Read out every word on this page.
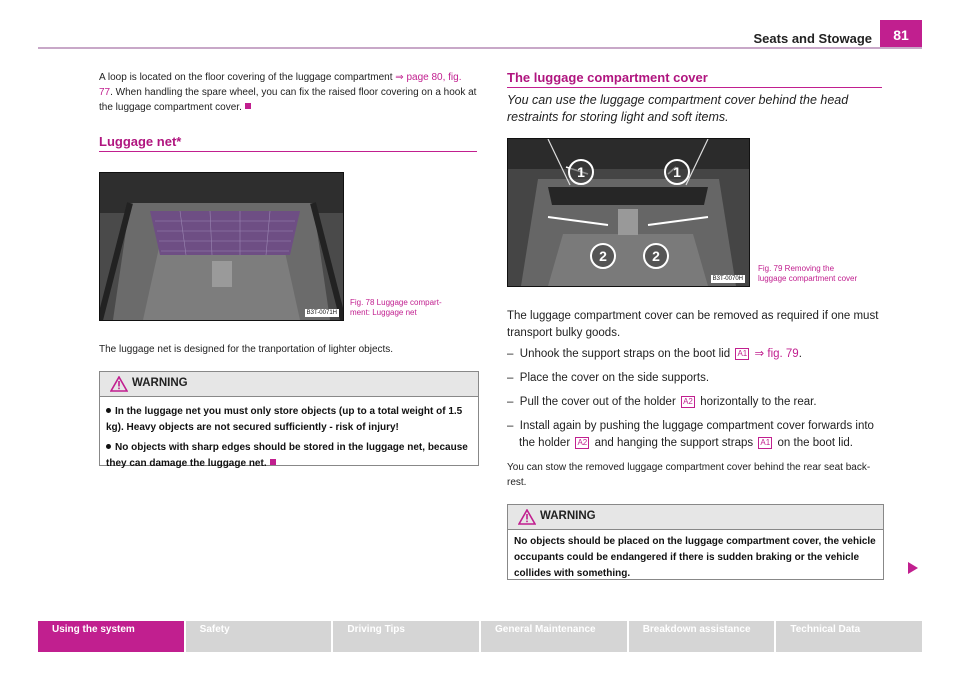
Seats and Stowage	81
A loop is located on the floor covering of the luggage compartment ⇒ page 80, fig. 77. When handling the spare wheel, you can fix the raised floor covering on a hook at the luggage compartment cover.
Luggage net*
B3T-0071H
Fig. 78 Luggage compart-
ment: Luggage net
The luggage net is designed for the tranportation of lighter objects.
WARNING
In the luggage net you must only store objects (up to a total weight of 1.5 kg). Heavy objects are not secured sufficiently - risk of injury!
No objects with sharp edges should be stored in the luggage net, because they can damage the luggage net.
The luggage compartment cover
You can use the luggage compartment cover behind the head restraints for storing light and soft items.
1	1
2	2
B3T-0070H
Fig. 79 Removing the
luggage compartment cover
The luggage compartment cover can be removed as required if one must transport bulky goods.
– Unhook the support straps on the boot lid A1 ⇒ fig. 79.
– Place the cover on the side supports.
– Pull the cover out of the holder A2 horizontally to the rear.
– Install again by pushing the luggage compartment cover forwards into
the holder A2 and hanging the support straps A1 on the boot lid.
You can stow the removed luggage compartment cover behind the rear seat back-rest.
WARNING
No objects should be placed on the luggage compartment cover, the vehicle occupants could be endangered if there is sudden braking or the vehicle collides with something.
Using the system	Safety	Driving Tips	General Maintenance	Breakdown assistance	Technical Data
